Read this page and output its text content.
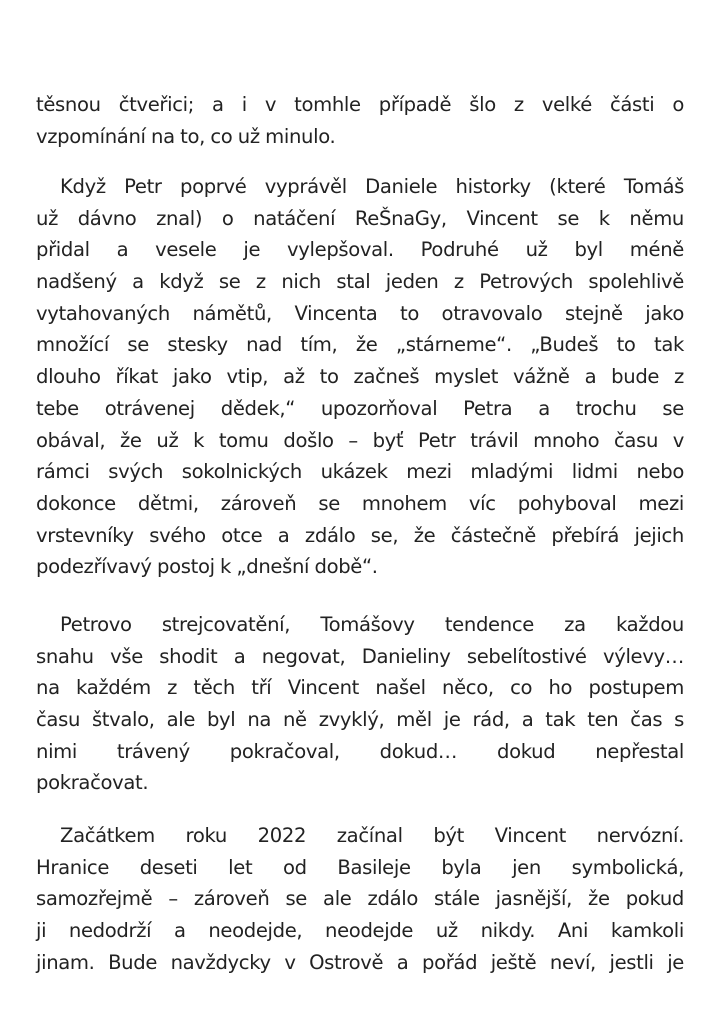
těsnou čtveřici; a i v tomhle případě šlo z velké části o
vzpomínání na to, co už minulo.
Když Petr poprvé vyprávěl Daniele historky (které Tomáš
už dávno znal) o natáčení ReŠnaGy, Vincent se k němu
přidal a vesele je vylepšoval. Podruhé už byl méně
nadšený a když se z nich stal jeden z Petrových spolehlivě
vytahovaných námětů, Vincenta to otravovalo stejně jako
množící se stesky nad tím, že „stárneme“. „Budeš to tak
dlouho říkat jako vtip, až to začneš myslet vážně a bude z
tebe otrávenej dědek,“ upozorňoval Petra a trochu se
obával, že už k tomu došlo – byť Petr trávil mnoho času v
rámci svých sokolnických ukázek mezi mladými lidmi nebo
dokonce dětmi, zároveň se mnohem víc pohyboval mezi
vrstevníky svého otce a zdálo se, že částečně přebírá jejich
podezřívavý postoj k „dnešní době“.
Petrovo strejcovatění, Tomášovy tendence za každou
snahu vše shodit a negovat, Danieliny sebelítostivé výlevy…
na každém z těch tří Vincent našel něco, co ho postupem
času štvalo, ale byl na ně zvyklý, měl je rád, a tak ten čas s
nimi trávený pokračoval, dokud… dokud nepřestal
pokračovat.
Začátkem roku 2022 začínal být Vincent nervózní.
Hranice deseti let od Basileje byla jen symbolická,
samozřejmě – zároveň se ale zdálo stále jasnější, že pokud
ji nedodrží a neodejde, neodejde už nikdy. Ani kamkoli
jinam. Bude navždycky v Ostrově a pořád ještě neví, jestli je
